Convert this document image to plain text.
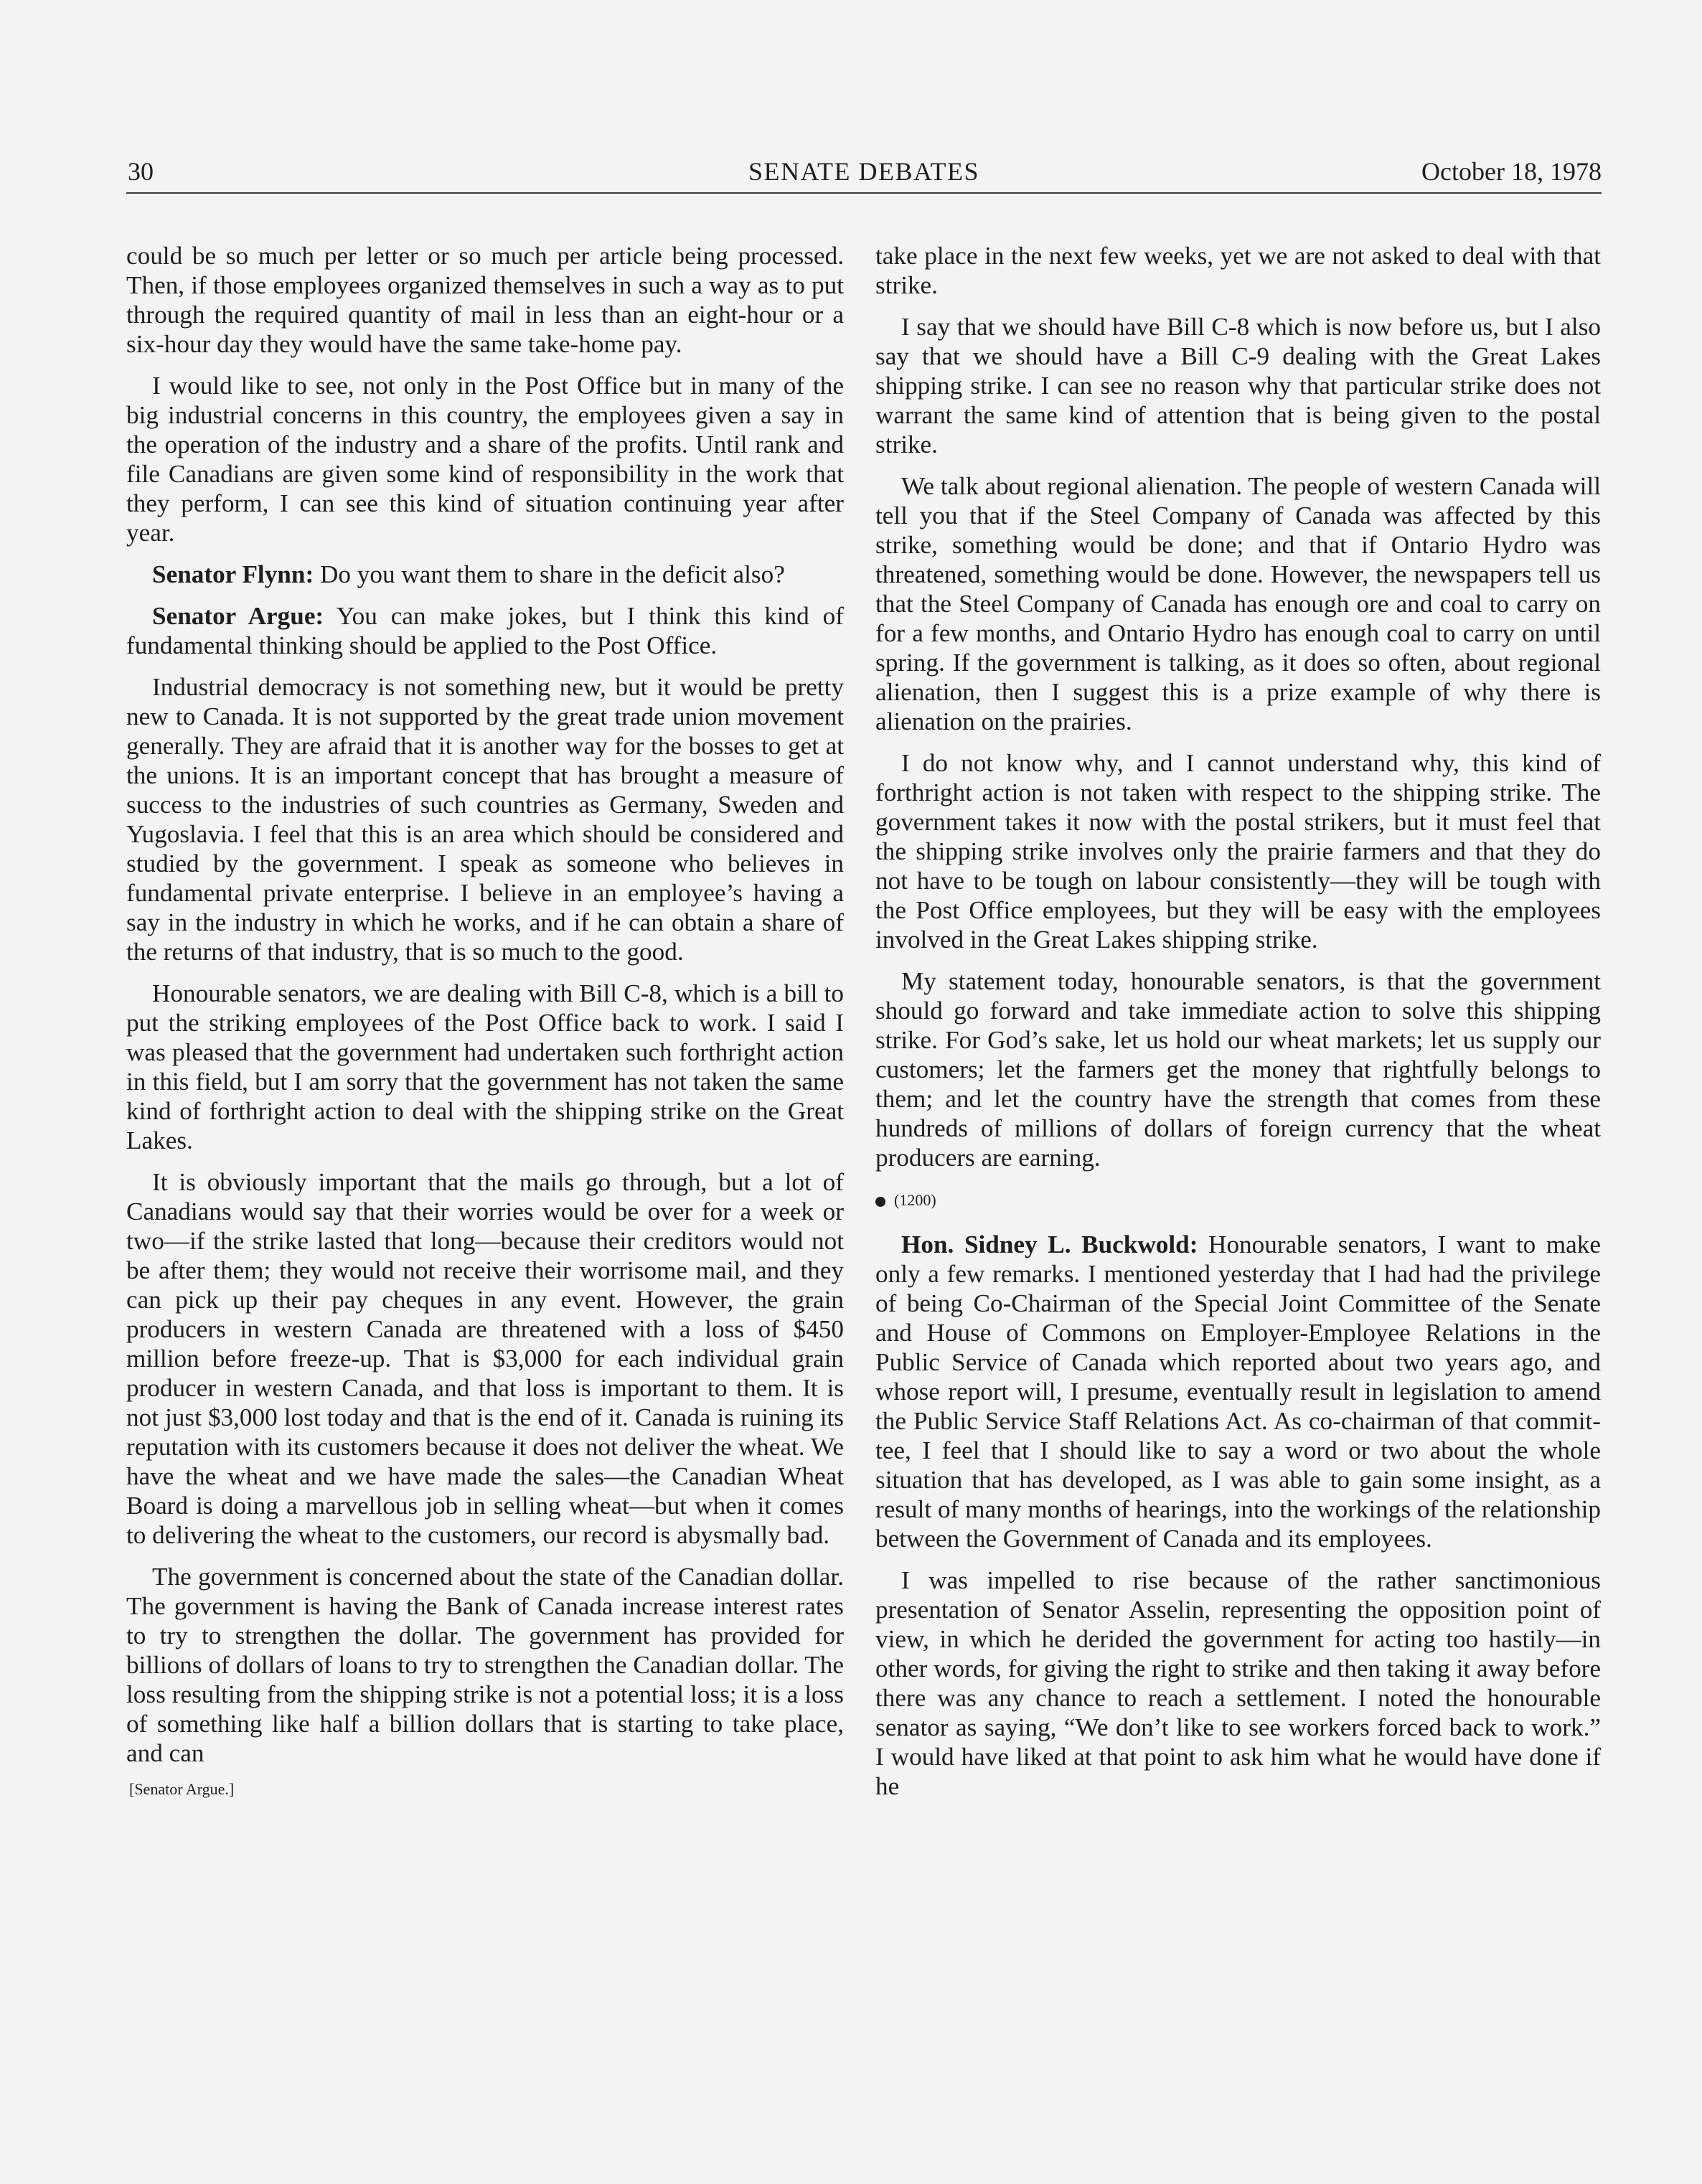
30	SENATE DEBATES	October 18, 1978

could be so much per letter or so much per article being processed. Then, if those employees organized themselves in such a way as to put through the required quantity of mail in less than an eight-hour or a six-hour day they would have the same take-home pay.

I would like to see, not only in the Post Office but in many of the big industrial concerns in this country, the employees given a say in the operation of the industry and a share of the profits. Until rank and file Canadians are given some kind of responsibility in the work that they perform, I can see this kind of situation continuing year after year.

Senator Flynn: Do you want them to share in the deficit also?

Senator Argue: You can make jokes, but I think this kind of fundamental thinking should be applied to the Post Office.

Industrial democracy is not something new, but it would be pretty new to Canada. It is not supported by the great trade union movement generally. They are afraid that it is another way for the bosses to get at the unions. It is an important concept that has brought a measure of success to the industries of such countries as Germany, Sweden and Yugoslavia. I feel that this is an area which should be considered and studied by the government. I speak as someone who believes in fundamental private enterprise. I believe in an employee’s having a say in the industry in which he works, and if he can obtain a share of the returns of that industry, that is so much to the good.

Honourable senators, we are dealing with Bill C-8, which is a bill to put the striking employees of the Post Office back to work. I said I was pleased that the government had undertaken such forthright action in this field, but I am sorry that the government has not taken the same kind of forthright action to deal with the shipping strike on the Great Lakes.

It is obviously important that the mails go through, but a lot of Canadians would say that their worries would be over for a week or two—if the strike lasted that long—because their creditors would not be after them; they would not receive their worrisome mail, and they can pick up their pay cheques in any event. However, the grain producers in western Canada are threatened with a loss of $450 million before freeze-up. That is $3,000 for each individual grain producer in western Canada, and that loss is important to them. It is not just $3,000 lost today and that is the end of it. Canada is ruining its reputation with its customers because it does not deliver the wheat. We have the wheat and we have made the sales—the Canadian Wheat Board is doing a marvellous job in selling wheat—but when it comes to delivering the wheat to the customers, our record is abysmally bad.

The government is concerned about the state of the Canadian dollar. The government is having the Bank of Canada increase interest rates to try to strengthen the dollar. The government has provided for billions of dollars of loans to try to strengthen the Canadian dollar. The loss resulting from the shipping strike is not a potential loss; it is a loss of something like half a billion dollars that is starting to take place, and can

[Senator Argue.]

take place in the next few weeks, yet we are not asked to deal with that strike.

I say that we should have Bill C-8 which is now before us, but I also say that we should have a Bill C-9 dealing with the Great Lakes shipping strike. I can see no reason why that particular strike does not warrant the same kind of attention that is being given to the postal strike.

We talk about regional alienation. The people of western Canada will tell you that if the Steel Company of Canada was affected by this strike, something would be done; and that if Ontario Hydro was threatened, something would be done. However, the newspapers tell us that the Steel Company of Canada has enough ore and coal to carry on for a few months, and Ontario Hydro has enough coal to carry on until spring. If the government is talking, as it does so often, about regional alienation, then I suggest this is a prize example of why there is alienation on the prairies.

I do not know why, and I cannot understand why, this kind of forthright action is not taken with respect to the shipping strike. The government takes it now with the postal strikers, but it must feel that the shipping strike involves only the prairie farmers and that they do not have to be tough on labour consistently—they will be tough with the Post Office employees, but they will be easy with the employees involved in the Great Lakes shipping strike.

My statement today, honourable senators, is that the government should go forward and take immediate action to solve this shipping strike. For God’s sake, let us hold our wheat markets; let us supply our customers; let the farmers get the money that rightfully belongs to them; and let the country have the strength that comes from these hundreds of millions of dollars of foreign currency that the wheat producers are earning.

(1200)

Hon. Sidney L. Buckwold: Honourable senators, I want to make only a few remarks. I mentioned yesterday that I had had the privilege of being Co-Chairman of the Special Joint Committee of the Senate and House of Commons on Employer-Employee Relations in the Public Service of Canada which reported about two years ago, and whose report will, I presume, eventually result in legislation to amend the Public Service Staff Relations Act. As co-chairman of that committee, I feel that I should like to say a word or two about the whole situation that has developed, as I was able to gain some insight, as a result of many months of hearings, into the workings of the relationship between the Government of Canada and its employees.

I was impelled to rise because of the rather sanctimonious presentation of Senator Asselin, representing the opposition point of view, in which he derided the government for acting too hastily—in other words, for giving the right to strike and then taking it away before there was any chance to reach a settlement. I noted the honourable senator as saying, “We don’t like to see workers forced back to work.” I would have liked at that point to ask him what he would have done if he
